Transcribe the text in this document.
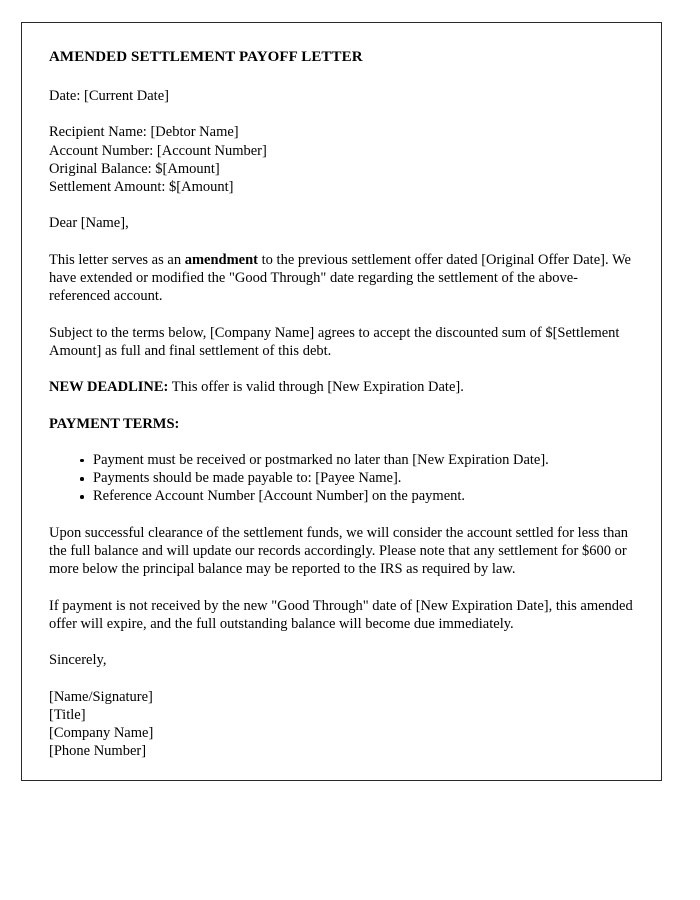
AMENDED SETTLEMENT PAYOFF LETTER

Date: [Current Date]

Recipient Name: [Debtor Name]
Account Number: [Account Number]
Original Balance: $[Amount]
Settlement Amount: $[Amount]

Dear [Name],

This letter serves as an amendment to the previous settlement offer dated [Original Offer Date]. We have extended or modified the "Good Through" date regarding the settlement of the above-referenced account.

Subject to the terms below, [Company Name] agrees to accept the discounted sum of $[Settlement Amount] as full and final settlement of this debt.

NEW DEADLINE: This offer is valid through [New Expiration Date].

PAYMENT TERMS:

Payment must be received or postmarked no later than [New Expiration Date].
Payments should be made payable to: [Payee Name].
Reference Account Number [Account Number] on the payment.

Upon successful clearance of the settlement funds, we will consider the account settled for less than the full balance and will update our records accordingly. Please note that any settlement for $600 or more below the principal balance may be reported to the IRS as required by law.

If payment is not received by the new "Good Through" date of [New Expiration Date], this amended offer will expire, and the full outstanding balance will become due immediately.

Sincerely,

[Name/Signature]
[Title]
[Company Name]
[Phone Number]
